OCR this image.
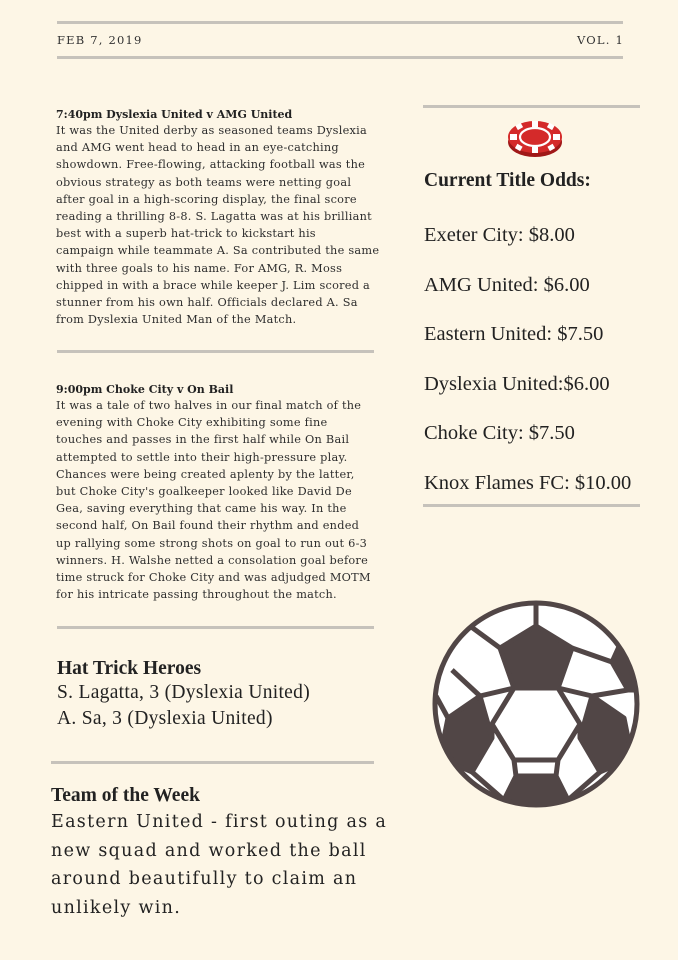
FEB 7, 2019	VOL. 1
7:40pm Dyslexia United v AMG United

It was the United derby as seasoned teams Dyslexia
and AMG went head to head in an eye-catching
showdown. Free-flowing, attacking football was the
obvious strategy as both teams were netting goal
after goal in a high-scoring display, the final score
reading a thrilling 8-8. S. Lagatta was at his brilliant
best with a superb hat-trick to kickstart his
campaign while teammate A. Sa contributed the same
with three goals to his name. For AMG, R. Moss
chipped in with a brace while keeper J. Lim scored a
stunner from his own half. Officials declared A. Sa
from Dyslexia United Man of the Match.

9:00pm Choke City v On Bail

It was a tale of two halves in our final match of the
evening with Choke City exhibiting some fine
touches and passes in the first half while On Bail
attempted to settle into their high-pressure play.
Chances were being created aplenty by the latter,
but Choke City's goalkeeper looked like David De
Gea, saving everything that came his way. In the
second half, On Bail found their rhythm and ended
up rallying some strong shots on goal to run out 6-3
winners. H. Walshe netted a consolation goal before
time struck for Choke City and was adjudged MOTM
for his intricate passing throughout the match.

Hat Trick Heroes
S. Lagatta, 3 (Dyslexia United)
A. Sa, 3 (Dyslexia United)
Team of the Week

Eastern United - first outing as a
new squad and worked the ball
around beautifully to claim an
unlikely win.

Current Title Odds:
Exeter City: $8.00
AMG United: $6.00
Eastern United: $7.50
Dyslexia United:$6.00
Choke City: $7.50
Knox Flames FC: $10.00
